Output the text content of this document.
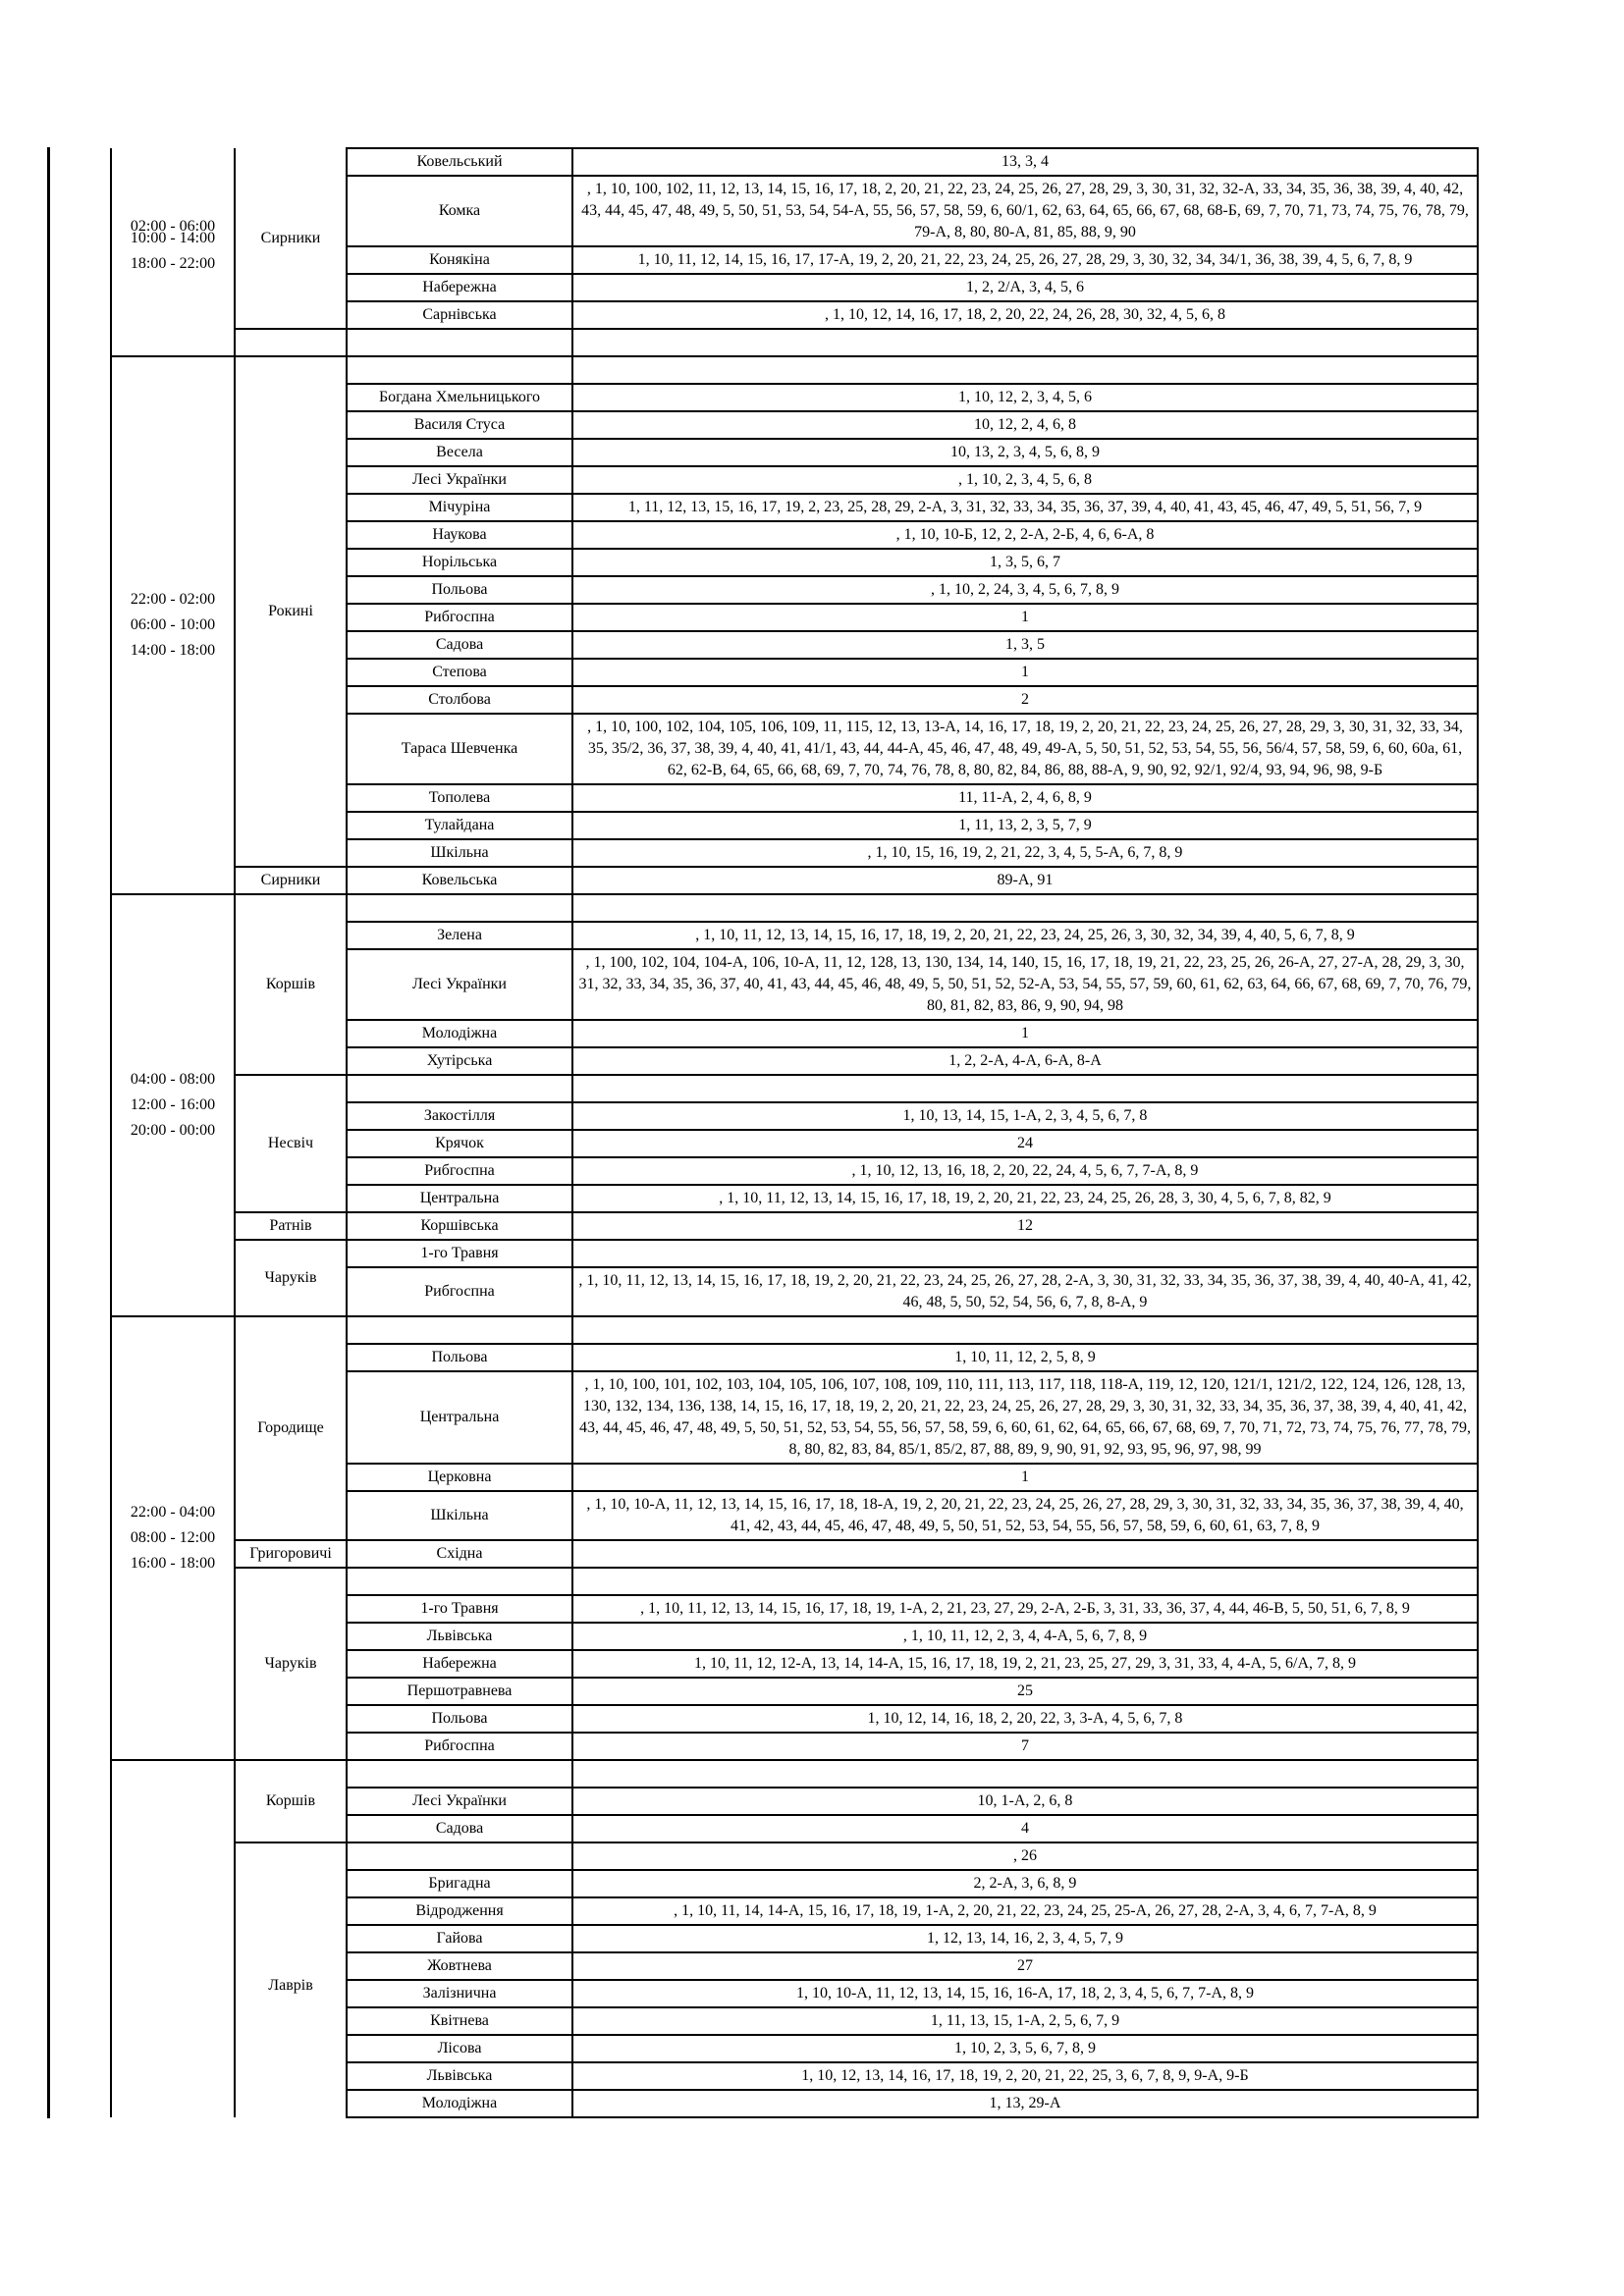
02:00 - 06:00
10:00 - 14:00
18:00 - 22:00	Сирники	Ковельський	13, 3, 4
		Комка	, 1, 10, 100, 102, 11, 12, 13, 14, 15, 16, 17, 18, 2, 20, 21, 22, 23, 24, 25, 26, 27, 28, 29, 3, 30, 31, 32, 32-А, 33, 34, 35, 36, 38, 39, 4, 40, 42, 43, 44, 45, 47, 48, 49, 5, 50, 51, 53, 54, 54-А, 55, 56, 57, 58, 59, 6, 60/1, 62, 63, 64, 65, 66, 67, 68, 68-Б, 69, 7, 70, 71, 73, 74, 75, 76, 78, 79, 79-А, 8, 80, 80-А, 81, 85, 88, 9, 90
		Конякіна	1, 10, 11, 12, 14, 15, 16, 17, 17-А, 19, 2, 20, 21, 22, 23, 24, 25, 26, 27, 28, 29, 3, 30, 32, 34, 34/1, 36, 38, 39, 4, 5, 6, 7, 8, 9
		Набережна	1, 2, 2/А, 3, 4, 5, 6
		Сарнівська	, 1, 10, 12, 14, 16, 17, 18, 2, 20, 22, 24, 26, 28, 30, 32, 4, 5, 6, 8

22:00 - 02:00
06:00 - 10:00
14:00 - 18:00	Рокині		
		Богдана Хмельницького	1, 10, 12, 2, 3, 4, 5, 6
		Василя Стуса	10, 12, 2, 4, 6, 8
		Весела	10, 13, 2, 3, 4, 5, 6, 8, 9
		Лесі Українки	, 1, 10, 2, 3, 4, 5, 6, 8
		Мічуріна	1, 11, 12, 13, 15, 16, 17, 19, 2, 23, 25, 28, 29, 2-А, 3, 31, 32, 33, 34, 35, 36, 37, 39, 4, 40, 41, 43, 45, 46, 47, 49, 5, 51, 56, 7, 9
		Наукова	, 1, 10, 10-Б, 12, 2, 2-А, 2-Б, 4, 6, 6-А, 8
		Норільська	1, 3, 5, 6, 7
		Польова	, 1, 10, 2, 24, 3, 4, 5, 6, 7, 8, 9
		Рибгоспна	1
		Садова	1, 3, 5
		Степова	1
		Столбова	2
		Тараса Шевченка	, 1, 10, 100, 102, 104, 105, 106, 109, 11, 115, 12, 13, 13-А, 14, 16, 17, 18, 19, 2, 20, 21, 22, 23, 24, 25, 26, 27, 28, 29, 3, 30, 31, 32, 33, 34, 35, 35/2, 36, 37, 38, 39, 4, 40, 41, 41/1, 43, 44, 44-А, 45, 46, 47, 48, 49, 49-А, 5, 50, 51, 52, 53, 54, 55, 56, 56/4, 57, 58, 59, 6, 60, 60а, 61, 62, 62-В, 64, 65, 66, 68, 69, 7, 70, 74, 76, 78, 8, 80, 82, 84, 86, 88, 88-А, 9, 90, 92, 92/1, 92/4, 93, 94, 96, 98, 9-Б
		Тополева	11, 11-А, 2, 4, 6, 8, 9
		Тулайдана	1, 11, 13, 2, 3, 5, 7, 9
		Шкільна	, 1, 10, 15, 16, 19, 2, 21, 22, 3, 4, 5, 5-А, 6, 7, 8, 9
	Сирники	Ковельська	89-А, 91

04:00 - 08:00
12:00 - 16:00
20:00 - 00:00	Коршів		
		Зелена	, 1, 10, 11, 12, 13, 14, 15, 16, 17, 18, 19, 2, 20, 21, 22, 23, 24, 25, 26, 3, 30, 32, 34, 39, 4, 40, 5, 6, 7, 8, 9
		Лесі Українки	, 1, 100, 102, 104, 104-А, 106, 10-А, 11, 12, 128, 13, 130, 134, 14, 140, 15, 16, 17, 18, 19, 21, 22, 23, 25, 26, 26-А, 27, 27-А, 28, 29, 3, 30, 31, 32, 33, 34, 35, 36, 37, 40, 41, 43, 44, 45, 46, 48, 49, 5, 50, 51, 52, 52-А, 53, 54, 55, 57, 59, 60, 61, 62, 63, 64, 66, 67, 68, 69, 7, 70, 76, 79, 80, 81, 82, 83, 86, 9, 90, 94, 98
		Молодіжна	1
		Хутірська	1, 2, 2-А, 4-А, 6-А, 8-А
	Несвіч		
		Закостілля	1, 10, 13, 14, 15, 1-А, 2, 3, 4, 5, 6, 7, 8
		Крячок	24
		Рибгоспна	, 1, 10, 12, 13, 16, 18, 2, 20, 22, 24, 4, 5, 6, 7, 7-А, 8, 9
		Центральна	, 1, 10, 11, 12, 13, 14, 15, 16, 17, 18, 19, 2, 20, 21, 22, 23, 24, 25, 26, 28, 3, 30, 4, 5, 6, 7, 8, 82, 9
	Ратнів	Коршівська	12
	Чаруків	1-го Травня	
		Рибгоспна	, 1, 10, 11, 12, 13, 14, 15, 16, 17, 18, 19, 2, 20, 21, 22, 23, 24, 25, 26, 27, 28, 2-А, 3, 30, 31, 32, 33, 34, 35, 36, 37, 38, 39, 4, 40, 40-А, 41, 42, 46, 48, 5, 50, 52, 54, 56, 6, 7, 8, 8-А, 9

22:00 - 04:00
08:00 - 12:00
16:00 - 18:00	Городище		
		Польова	1, 10, 11, 12, 2, 5, 8, 9
		Центральна	, 1, 10, 100, 101, 102, 103, 104, 105, 106, 107, 108, 109, 110, 111, 113, 117, 118, 118-А, 119, 12, 120, 121/1, 121/2, 122, 124, 126, 128, 13, 130, 132, 134, 136, 138, 14, 15, 16, 17, 18, 19, 2, 20, 21, 22, 23, 24, 25, 26, 27, 28, 29, 3, 30, 31, 32, 33, 34, 35, 36, 37, 38, 39, 4, 40, 41, 42, 43, 44, 45, 46, 47, 48, 49, 5, 50, 51, 52, 53, 54, 55, 56, 57, 58, 59, 6, 60, 61, 62, 64, 65, 66, 67, 68, 69, 7, 70, 71, 72, 73, 74, 75, 76, 77, 78, 79, 8, 80, 82, 83, 84, 85/1, 85/2, 87, 88, 89, 9, 90, 91, 92, 93, 95, 96, 97, 98, 99
		Церковна	1
		Шкільна	, 1, 10, 10-А, 11, 12, 13, 14, 15, 16, 17, 18, 18-А, 19, 2, 20, 21, 22, 23, 24, 25, 26, 27, 28, 29, 3, 30, 31, 32, 33, 34, 35, 36, 37, 38, 39, 4, 40, 41, 42, 43, 44, 45, 46, 47, 48, 49, 5, 50, 51, 52, 53, 54, 55, 56, 57, 58, 59, 6, 60, 61, 63, 7, 8, 9
	Григоровичі	Східна	
	Чаруків		
		1-го Травня	, 1, 10, 11, 12, 13, 14, 15, 16, 17, 18, 19, 1-А, 2, 21, 23, 27, 29, 2-А, 2-Б, 3, 31, 33, 36, 37, 4, 44, 46-В, 5, 50, 51, 6, 7, 8, 9
		Львівська	, 1, 10, 11, 12, 2, 3, 4, 4-А, 5, 6, 7, 8, 9
		Набережна	1, 10, 11, 12, 12-А, 13, 14, 14-А, 15, 16, 17, 18, 19, 2, 21, 23, 25, 27, 29, 3, 31, 33, 4, 4-А, 5, 6/А, 7, 8, 9
		Першотравнева	25
		Польова	1, 10, 12, 14, 16, 18, 2, 20, 22, 3, 3-А, 4, 5, 6, 7, 8
		Рибгоспна	7
	Коршів		
		Лесі Українки	10, 1-А, 2, 6, 8
		Садова	4

	Лаврів		, 26
		Бригадна	2, 2-А, 3, 6, 8, 9
		Відродження	, 1, 10, 11, 14, 14-А, 15, 16, 17, 18, 19, 1-А, 2, 20, 21, 22, 23, 24, 25, 25-А, 26, 27, 28, 2-А, 3, 4, 6, 7, 7-А, 8, 9
		Гайова	1, 12, 13, 14, 16, 2, 3, 4, 5, 7, 9
		Жовтнева	27
		Залізнична	1, 10, 10-А, 11, 12, 13, 14, 15, 16, 16-А, 17, 18, 2, 3, 4, 5, 6, 7, 7-А, 8, 9
		Квітнева	1, 11, 13, 15, 1-А, 2, 5, 6, 7, 9
		Лісова	1, 10, 2, 3, 5, 6, 7, 8, 9
		Львівська	1, 10, 12, 13, 14, 16, 17, 18, 19, 2, 20, 21, 22, 25, 3, 6, 7, 8, 9, 9-А, 9-Б
		Молодіжна	1, 13, 29-А
